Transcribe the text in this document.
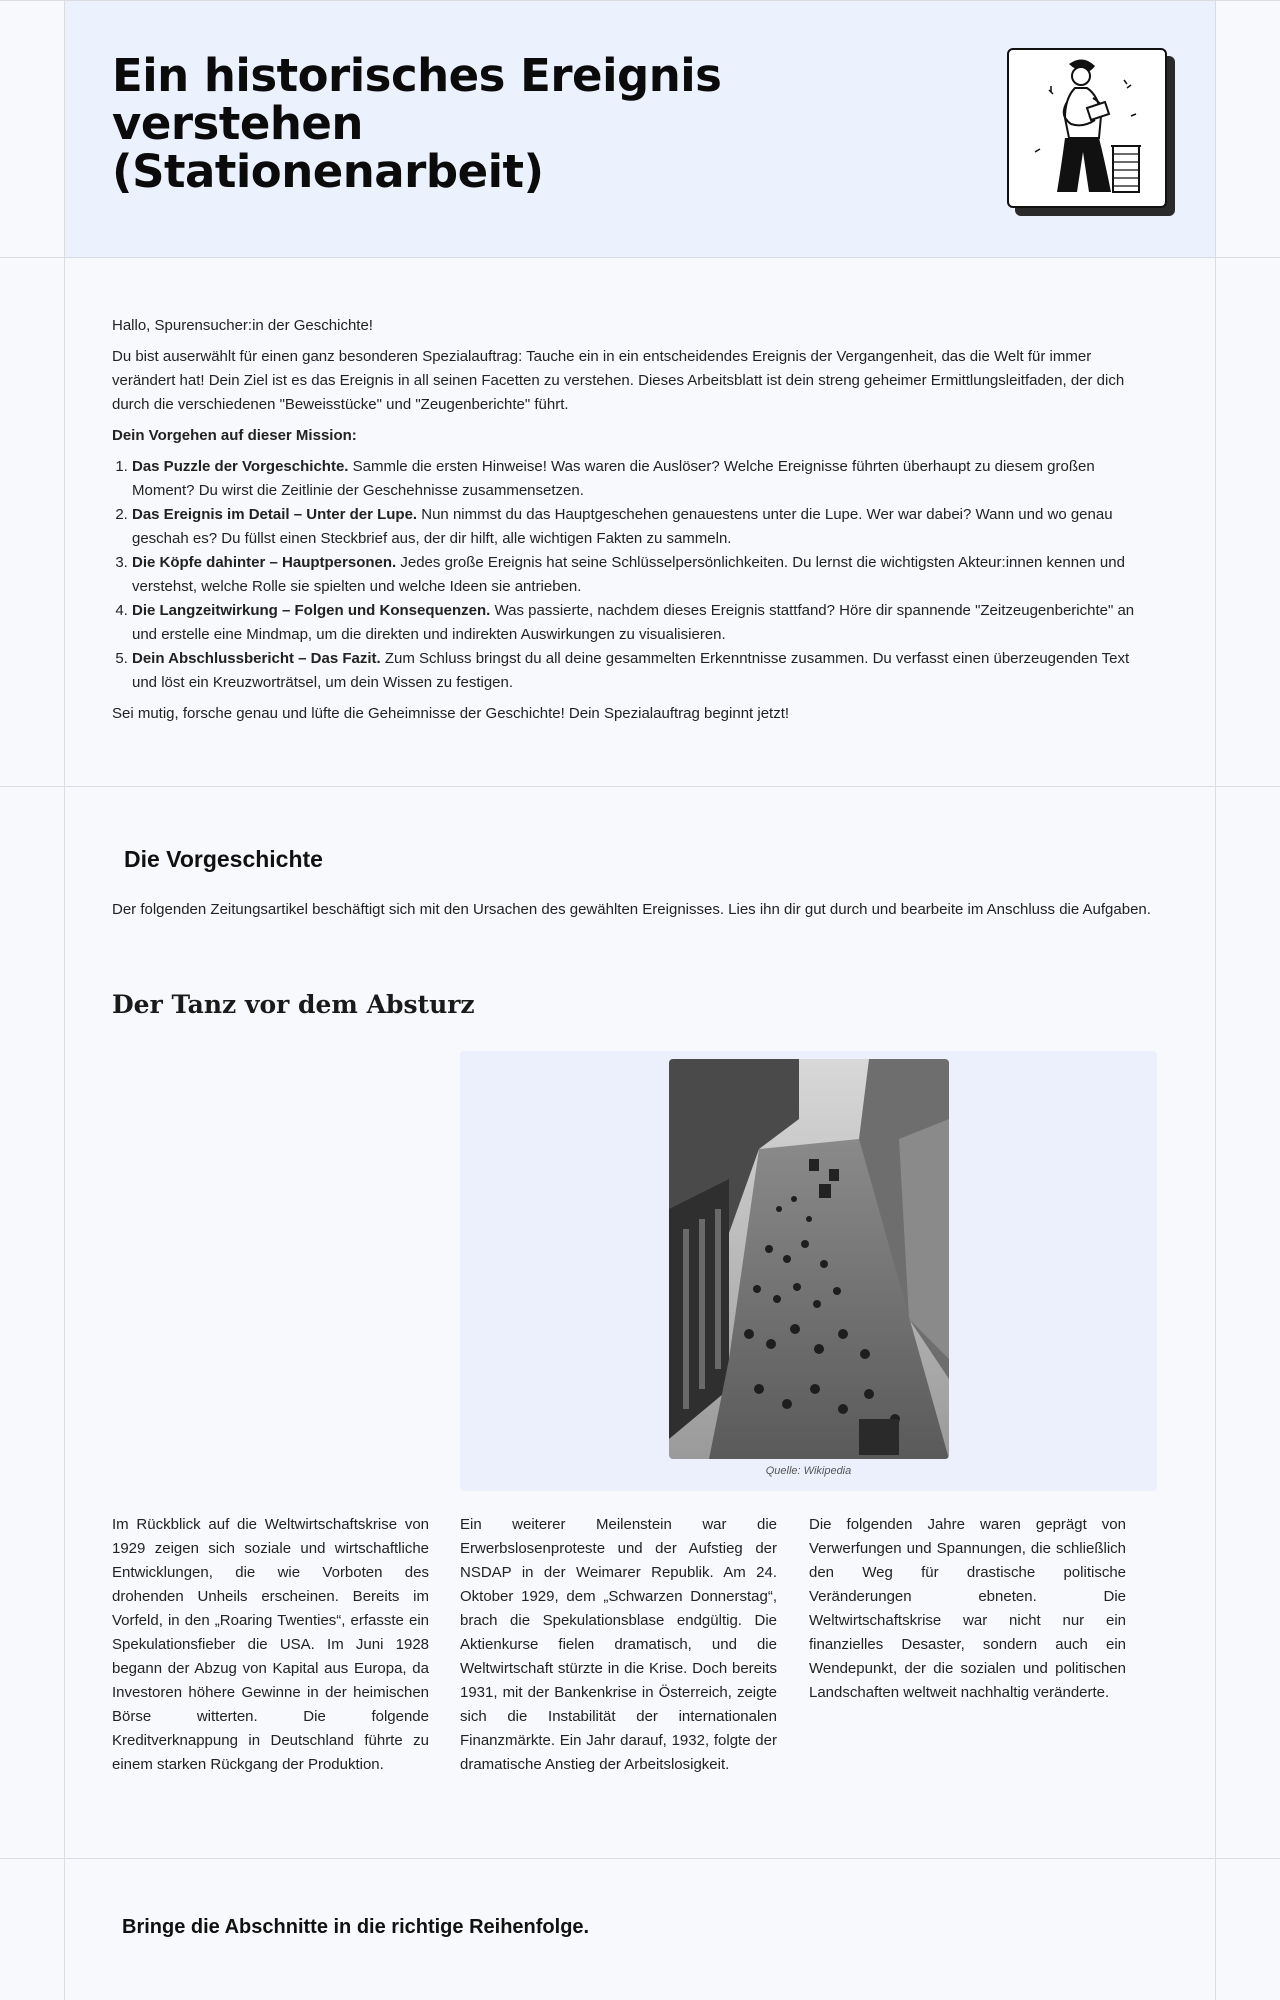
Ein historisches Ereignis verstehen (Stationenarbeit)

Hallo, Spurensucher:in der Geschichte!

Du bist auserwählt für einen ganz besonderen Spezialauftrag: Tauche ein in ein entscheidendes Ereignis der Vergangenheit, das die Welt für immer verändert hat! Dein Ziel ist es das Ereignis in all seinen Facetten zu verstehen. Dieses Arbeitsblatt ist dein streng geheimer Ermittlungsleitfaden, der dich durch die verschiedenen "Beweisstücke" und "Zeugenberichte" führt.

Dein Vorgehen auf dieser Mission:

1. Das Puzzle der Vorgeschichte. Sammle die ersten Hinweise! Was waren die Auslöser? Welche Ereignisse führten überhaupt zu diesem großen Moment? Du wirst die Zeitlinie der Geschehnisse zusammensetzen.
2. Das Ereignis im Detail – Unter der Lupe. Nun nimmst du das Hauptgeschehen genauestens unter die Lupe. Wer war dabei? Wann und wo genau geschah es? Du füllst einen Steckbrief aus, der dir hilft, alle wichtigen Fakten zu sammeln.
3. Die Köpfe dahinter – Hauptpersonen. Jedes große Ereignis hat seine Schlüsselpersönlichkeiten. Du lernst die wichtigsten Akteur:innen kennen und verstehst, welche Rolle sie spielten und welche Ideen sie antrieben.
4. Die Langzeitwirkung – Folgen und Konsequenzen. Was passierte, nachdem dieses Ereignis stattfand? Höre dir spannende "Zeitzeugenberichte" an und erstelle eine Mindmap, um die direkten und indirekten Auswirkungen zu visualisieren.
5. Dein Abschlussbericht – Das Fazit. Zum Schluss bringst du all deine gesammelten Erkenntnisse zusammen. Du verfasst einen überzeugenden Text und löst ein Kreuzworträtsel, um dein Wissen zu festigen.

Sei mutig, forsche genau und lüfte die Geheimnisse der Geschichte! Dein Spezialauftrag beginnt jetzt!

Die Vorgeschichte

Der folgenden Zeitungsartikel beschäftigt sich mit den Ursachen des gewählten Ereignisses. Lies ihn dir gut durch und bearbeite im Anschluss die Aufgaben.

Der Tanz vor dem Absturz

Quelle: Wikipedia

Im Rückblick auf die Weltwirtschaftskrise von 1929 zeigen sich soziale und wirtschaftliche Entwicklungen, die wie Vorboten des drohenden Unheils erscheinen. Bereits im Vorfeld, in den „Roaring Twenties“, erfasste ein Spekulationsfieber die USA. Im Juni 1928 begann der Abzug von Kapital aus Europa, da Investoren höhere Gewinne in der heimischen Börse witterten. Die folgende Kreditverknappung in Deutschland führte zu einem starken Rückgang der Produktion.

Ein weiterer Meilenstein war die Erwerbslosenproteste und der Aufstieg der NSDAP in der Weimarer Republik. Am 24. Oktober 1929, dem „Schwarzen Donnerstag“, brach die Spekulationsblase endgültig. Die Aktienkurse fielen dramatisch, und die Weltwirtschaft stürzte in die Krise. Doch bereits 1931, mit der Bankenkrise in Österreich, zeigte sich die Instabilität der internationalen Finanzmärkte. Ein Jahr darauf, 1932, folgte der dramatische Anstieg der Arbeitslosigkeit.

Die folgenden Jahre waren geprägt von Verwerfungen und Spannungen, die schließlich den Weg für drastische politische Veränderungen ebneten. Die Weltwirtschaftskrise war nicht nur ein finanzielles Desaster, sondern auch ein Wendepunkt, der die sozialen und politischen Landschaften weltweit nachhaltig veränderte.

Bringe die Abschnitte in die richtige Reihenfolge.
